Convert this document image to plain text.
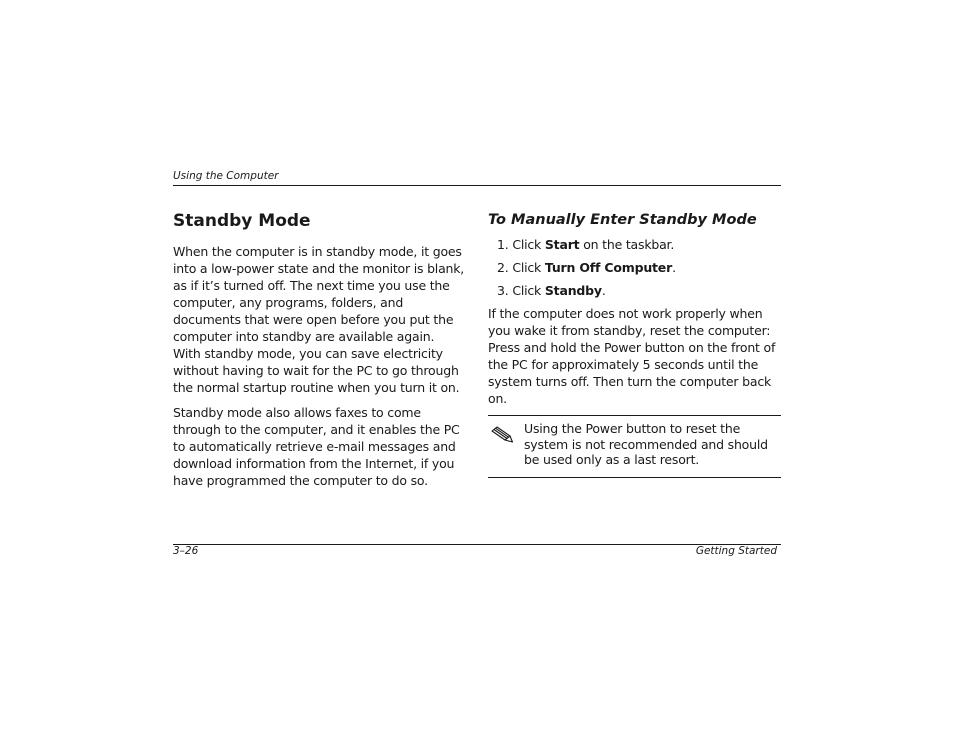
Using the Computer
Standby Mode

When the computer is in standby mode, it goes into a low-power state and the monitor is blank, as if it’s turned off. The next time you use the computer, any programs, folders, and documents that were open before you put the computer into standby are available again. With standby mode, you can save electricity without having to wait for the PC to go through the normal startup routine when you turn it on.

Standby mode also allows faxes to come through to the computer, and it enables the PC to automatically retrieve e-mail messages and download information from the Internet, if you have programmed the computer to do so.

To Manually Enter Standby Mode
1. Click Start on the taskbar.
2. Click Turn Off Computer.
3. Click Standby.

If the computer does not work properly when you wake it from standby, reset the computer: Press and hold the Power button on the front of the PC for approximately 5 seconds until the system turns off. Then turn the computer back on.

Using the Power button to reset the system is not recommended and should be used only as a last resort.
3–26	Getting Started
